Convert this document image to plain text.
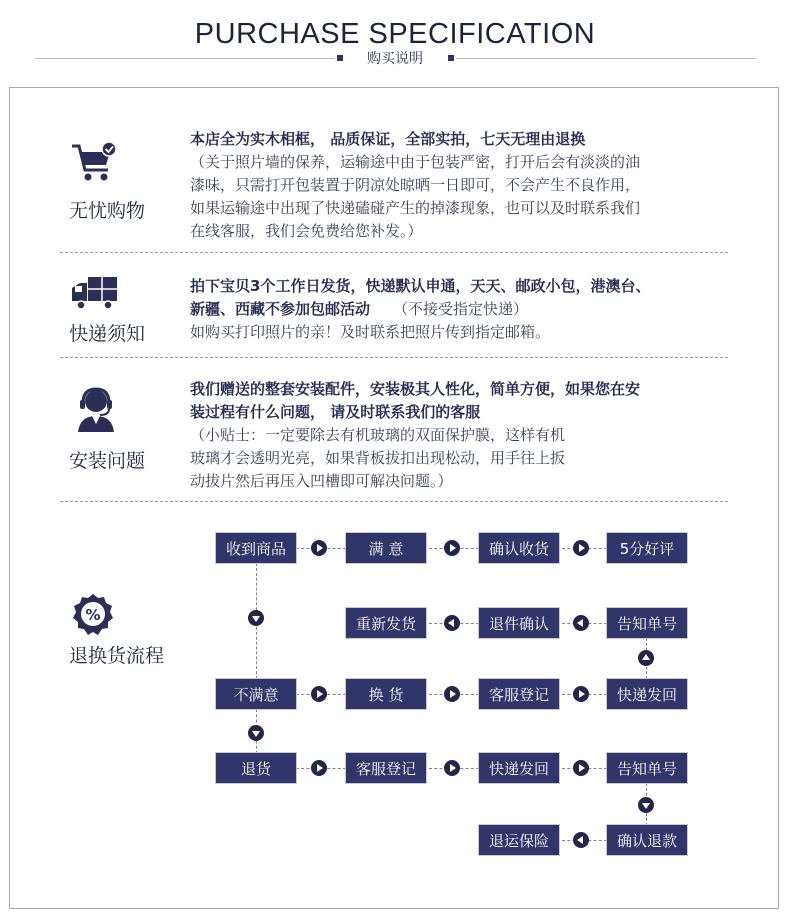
PURCHASE SPECIFICATION
购买说明
无忧购物
本店全为实木相框， 品质保证，全部实拍，七天无理由退换
（关于照片墙的保养，运输途中由于包装严密，打开后会有淡淡的油
漆味，只需打开包装置于阴凉处晾晒一日即可，不会产生不良作用，
如果运输途中出现了快递磕碰产生的掉漆现象，也可以及时联系我们
在线客服，我们会免费给您补发。）
快递须知
拍下宝贝3个工作日发货，快递默认申通，天天、邮政小包，港澳台、
新疆、西藏不参加包邮活动 （不接受指定快递）
如购买打印照片的亲！及时联系把照片传到指定邮箱。
安装问题
我们赠送的整套安装配件，安装极其人性化，简单方便，如果您在安
装过程有什么问题， 请及时联系我们的客服
（小贴士：一定要除去有机玻璃的双面保护膜，这样有机
玻璃才会透明光亮，如果背板拔扣出现松动，用手往上扳
动拔片然后再压入凹槽即可解决问题。）
%
退换货流程
收到商品	满 意	确认收货	5分好评
重新发货	退件确认	告知单号
不满意	换 货	客服登记	快递发回
退货	客服登记	快递发回	告知单号
退运保险	确认退款
